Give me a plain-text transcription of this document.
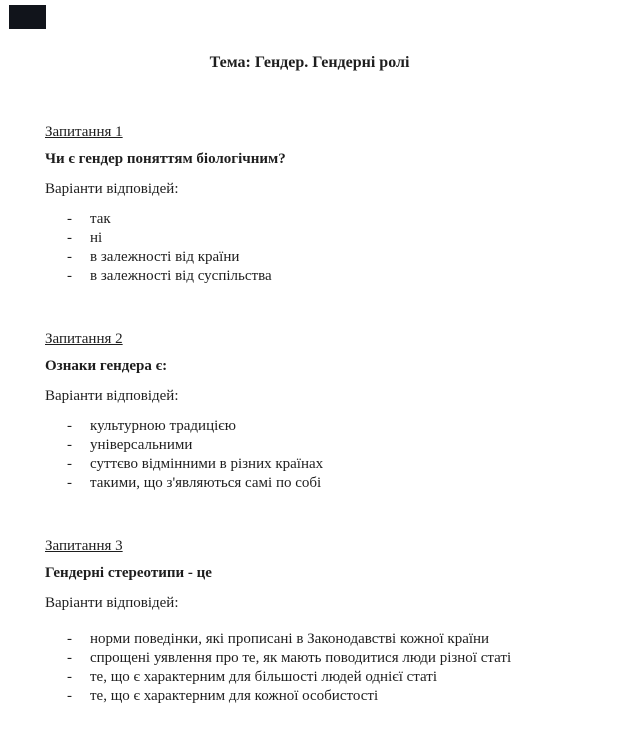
Тема: Гендер. Гендерні ролі
Запитання 1
Чи є гендер поняттям біологічним?
Варіанти відповідей:
-	так
-	ні
-	в залежності від країни
-	в залежності від суспільства
Запитання 2
Ознаки гендера є:
Варіанти відповідей:
-	культурною традицією
-	універсальними
-	суттєво відмінними в різних країнах
-	такими, що з'являються самі по собі
Запитання 3
Гендерні стереотипи - це
Варіанти відповідей:
-	норми поведінки, які прописані в Законодавстві кожної країни
-	спрощені уявлення про те, як мають поводитися люди різної статі
-	те, що є характерним для більшості людей однієї статі
-	те, що є характерним для кожної особистості
